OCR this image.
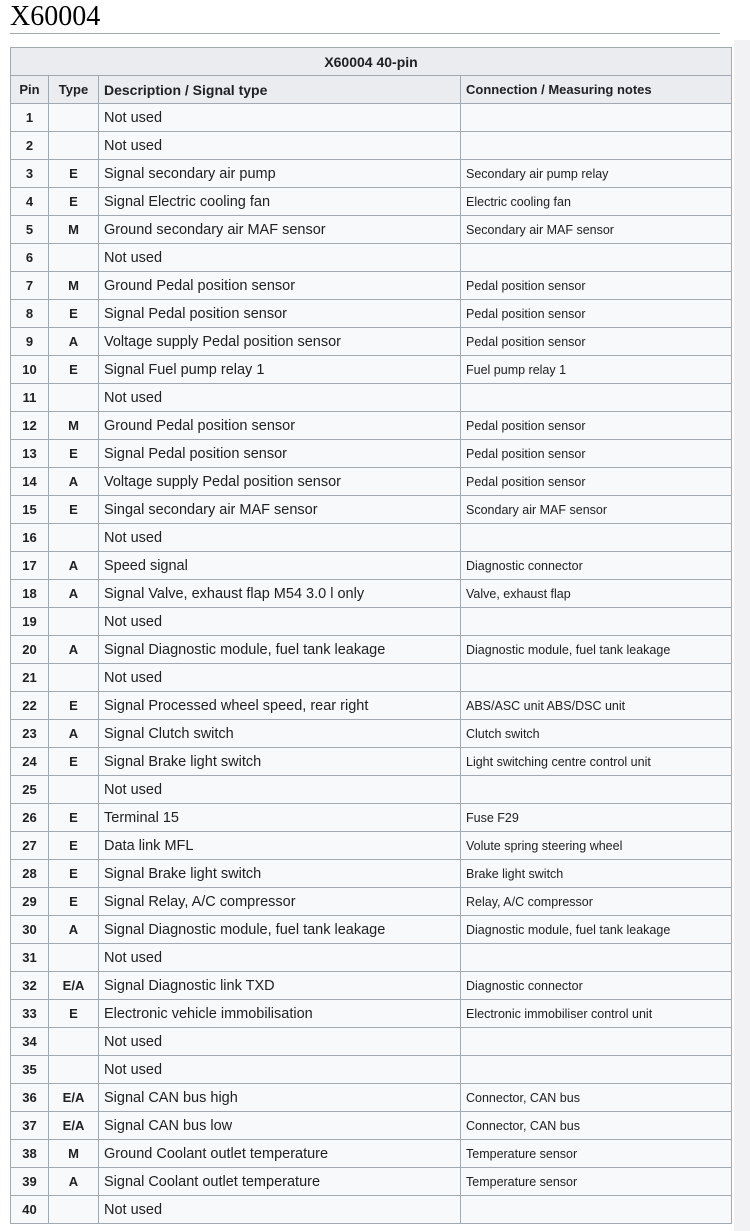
X60004
X60004 40-pin			
Pin	Type	Description / Signal type	Connection / Measuring notes
1		Not used	
2		Not used	
3	E	Signal secondary air pump	Secondary air pump relay
4	E	Signal Electric cooling fan	Electric cooling fan
5	M	Ground secondary air MAF sensor	Secondary air MAF sensor
6		Not used	
7	M	Ground Pedal position sensor	Pedal position sensor
8	E	Signal Pedal position sensor	Pedal position sensor
9	A	Voltage supply Pedal position sensor	Pedal position sensor
10	E	Signal Fuel pump relay 1	Fuel pump relay 1
11		Not used	
12	M	Ground Pedal position sensor	Pedal position sensor
13	E	Signal Pedal position sensor	Pedal position sensor
14	A	Voltage supply Pedal position sensor	Pedal position sensor
15	E	Singal secondary air MAF sensor	Scondary air MAF sensor
16		Not used	
17	A	Speed signal	Diagnostic connector
18	A	Signal Valve, exhaust flap M54 3.0 l only	Valve, exhaust flap
19		Not used	
20	A	Signal Diagnostic module, fuel tank leakage	Diagnostic module, fuel tank leakage
21		Not used	
22	E	Signal Processed wheel speed, rear right	ABS/ASC unit ABS/DSC unit
23	A	Signal Clutch switch	Clutch switch
24	E	Signal Brake light switch	Light switching centre control unit
25		Not used	
26	E	Terminal 15	Fuse F29
27	E	Data link MFL	Volute spring steering wheel
28	E	Signal Brake light switch	Brake light switch
29	E	Signal Relay, A/C compressor	Relay, A/C compressor
30	A	Signal Diagnostic module, fuel tank leakage	Diagnostic module, fuel tank leakage
31		Not used	
32	E/A	Signal Diagnostic link TXD	Diagnostic connector
33	E	Electronic vehicle immobilisation	Electronic immobiliser control unit
34		Not used	
35		Not used	
36	E/A	Signal CAN bus high	Connector, CAN bus
37	E/A	Signal CAN bus low	Connector, CAN bus
38	M	Ground Coolant outlet temperature	Temperature sensor
39	A	Signal Coolant outlet temperature	Temperature sensor
40		Not used	
